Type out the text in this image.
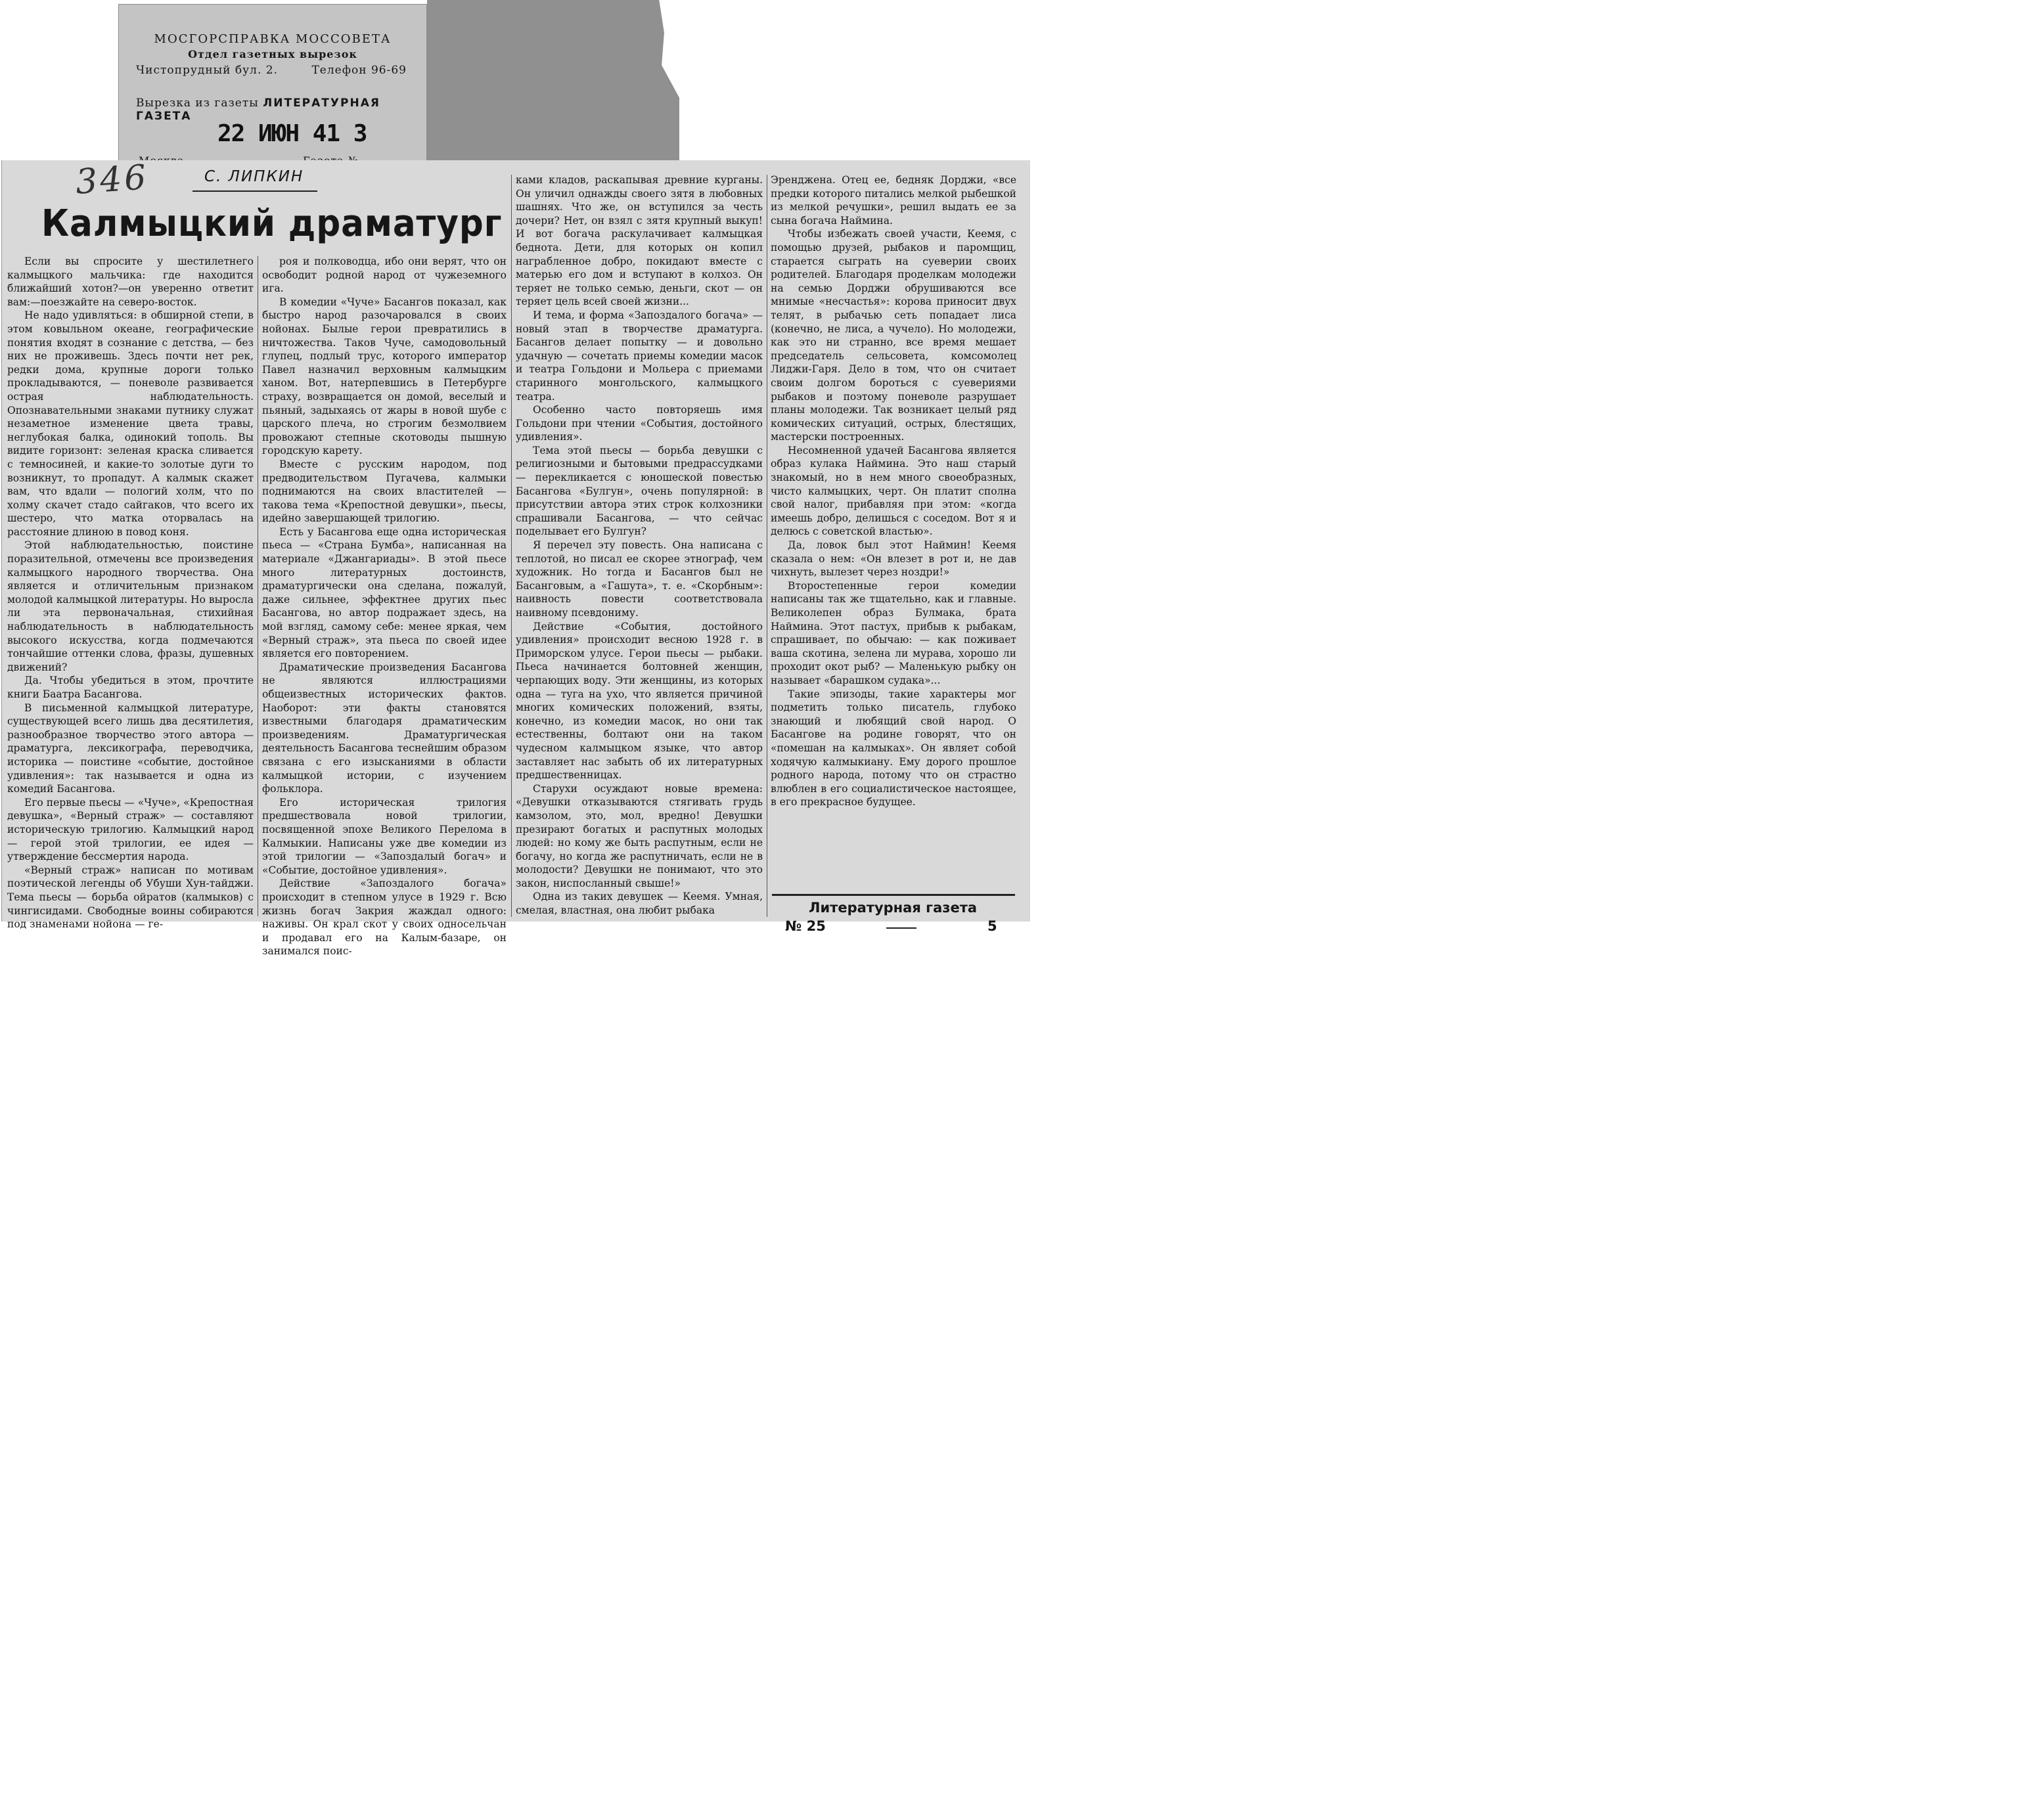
МОСГОРСПРАВКА МОССОВЕТА
Отдел газетных вырезок
Чистопрудный бул. 2.	Телефон 96-69
Вырезка из газеты ЛИТЕРАТУРНАЯ ГАЗЕТА
22 ИЮН 41 3
346	С. ЛИПКИН
Калмыцкий драматург

Если вы спросите у шестилетнего калмыцкого мальчика: где находится ближайший хотон?—он уверенно ответит вам:—поезжайте на северо-восток.

Не надо удивляться: в обширной степи, в этом ковыльном океане, географические понятия входят в сознание с детства, — без них не проживешь. Здесь почти нет рек, редки дома, крупные дороги только прокладываются, — поневоле развивается острая наблюдательность. Опознавательными знаками путнику служат незаметное изменение цвета травы, неглубокая балка, одинокий тополь. Вы видите горизонт: зеленая краска сливается с темносиней, и какие-то золотые дуги то возникнут, то пропадут. А калмык скажет вам, что вдали — пологий холм, что по холму скачет стадо сайгаков, что всего их шестеро, что матка оторвалась на расстояние длиною в повод коня.

Этой наблюдательностью, поистине поразительной, отмечены все произведения калмыцкого народного творчества. Она является и отличительным признаком молодой калмыцкой литературы. Но выросла ли эта первоначальная, стихийная наблюдательность в наблюдательность высокого искусства, когда подмечаются тончайшие оттенки слова, фразы, душевных движений?

Да. Чтобы убедиться в этом, прочтите книги Баатра Басангова.

В письменной калмыцкой литературе, существующей всего лишь два десятилетия, разнообразное творчество этого автора — драматурга, лексикографа, переводчика, историка — поистине «событие, достойное удивления»: так называется и одна из комедий Басангова.

Его первые пьесы — «Чуче», «Крепостная девушка», «Верный страж» — составляют историческую трилогию. Калмыцкий народ — герой этой трилогии, ее идея — утверждение бессмертия народа.

«Верный страж» написан по мотивам поэтической легенды об Убуши Хун-тайджи. Тема пьесы — борьба ойратов (калмыков) с чингисидами. Свободные воины собираются под знаменами нойона — ге-

роя и полководца, ибо они верят, что он освободит родной народ от чужеземного ига.

В комедии «Чуче» Басангов показал, как быстро народ разочаровался в своих нойонах. Былые герои превратились в ничтожества. Таков Чуче, самодовольный глупец, подлый трус, которого император Павел назначил верховным калмыцким ханом. Вот, натерпевшись в Петербурге страху, возвращается он домой, веселый и пьяный, задыхаясь от жары в новой шубе с царского плеча, но строгим безмолвием провожают степные скотоводы пышную городскую карету.

Вместе с русским народом, под предводительством Пугачева, калмыки поднимаются на своих властителей — такова тема «Крепостной девушки», пьесы, идейно завершающей трилогию.

Есть у Басангова еще одна историческая пьеса — «Страна Бумба», написанная на материале «Джангариады». В этой пьесе много литературных достоинств, драматургически она сделана, пожалуй, даже сильнее, эффектнее других пьес Басангова, но автор подражает здесь, на мой взгляд, самому себе: менее яркая, чем «Верный страж», эта пьеса по своей идее является его повторением.

Драматические произведения Басангова не являются иллюстрациями общеизвестных исторических фактов. Наоборот: эти факты становятся известными благодаря драматическим произведениям. Драматургическая деятельность Басангова теснейшим образом связана с его изысканиями в области калмыцкой истории, с изучением фольклора.

Его историческая трилогия предшествовала новой трилогии, посвященной эпохе Великого Перелома в Калмыкии. Написаны уже две комедии из этой трилогии — «Запоздалый богач» и «Событие, достойное удивления».

Действие «Запоздалого богача» происходит в степном улусе в 1929 г. Всю жизнь богач Закрия жаждал одного: наживы. Он крал скот у своих односельчан и продавал его на Калым-базаре, он занимался поис-

ками кладов, раскапывая древние курганы. Он уличил однажды своего зятя в любовных шашнях. Что же, он вступился за честь дочери? Нет, он взял с зятя крупный выкуп! И вот богача раскулачивает калмыцкая беднота. Дети, для которых он копил награбленное добро, покидают вместе с матерью его дом и вступают в колхоз. Он теряет не только семью, деньги, скот — он теряет цель всей своей жизни...

И тема, и форма «Запоздалого богача» — новый этап в творчестве драматурга. Басангов делает попытку — и довольно удачную — сочетать приемы комедии масок и театра Гольдони и Мольера с приемами старинного монгольского, калмыцкого театра.

Особенно часто повторяешь имя Гольдони при чтении «События, достойного удивления».

Тема этой пьесы — борьба девушки с религиозными и бытовыми предрассудками — перекликается с юношеской повестью Басангова «Булгун», очень популярной: в присутствии автора этих строк колхозники спрашивали Басангова, — что сейчас поделывает его Булгун?

Я перечел эту повесть. Она написана с теплотой, но писал ее скорее этнограф, чем художник. Но тогда и Басангов был не Басанговым, а «Гашута», т. е. «Скорбным»: наивность повести соответствовала наивному псевдониму.

Действие «События, достойного удивления» происходит весною 1928 г. в Приморском улусе. Герои пьесы — рыбаки. Пьеса начинается болтовней женщин, черпающих воду. Эти женщины, из которых одна — туга на ухо, что является причиной многих комических положений, взяты, конечно, из комедии масок, но они так естественны, болтают они на таком чудесном калмыцком языке, что автор заставляет нас забыть об их литературных предшественницах.

Старухи осуждают новые времена: «Девушки отказываются стягивать грудь камзолом, это, мол, вредно! Девушки презирают богатых и распутных молодых людей: но кому же быть распутным, если не богачу, но когда же распутничать, если не в молодости? Девушки не понимают, что это закон, ниспосланный свыше!»

Одна из таких девушек — Кеемя. Умная, смелая, властная, она любит рыбака

Эренджена. Отец ее, бедняк Дорджи, «все предки которого питались мелкой рыбешкой из мелкой речушки», решил выдать ее за сына богача Наймина.

Чтобы избежать своей участи, Кеемя, с помощью друзей, рыбаков и паромщиц, старается сыграть на суеверии своих родителей. Благодаря проделкам молодежи на семью Дорджи обрушиваются все мнимые «несчастья»: корова приносит двух телят, в рыбачью сеть попадает лиса (конечно, не лиса, а чучело). Но молодежи, как это ни странно, все время мешает председатель сельсовета, комсомолец Лиджи-Гаря. Дело в том, что он считает своим долгом бороться с суевериями рыбаков и поэтому поневоле разрушает планы молодежи. Так возникает целый ряд комических ситуаций, острых, блестящих, мастерски построенных.

Несомненной удачей Басангова является образ кулака Наймина. Это наш старый знакомый, но в нем много своеобразных, чисто калмыцких, черт. Он платит сполна свой налог, прибавляя при этом: «когда имеешь добро, делишься с соседом. Вот я и делюсь с советской властью».

Да, ловок был этот Наймин! Кеемя сказала о нем: «Он влезет в рот и, не дав чихнуть, вылезет через ноздри!»

Второстепенные герои комедии написаны так же тщательно, как и главные. Великолепен образ Булмака, брата Наймина. Этот пастух, прибыв к рыбакам, спрашивает, по обычаю: — как поживает ваша скотина, зелена ли мурава, хорошо ли проходит окот рыб? — Маленькую рыбку он называет «барашком судака»...

Такие эпизоды, такие характеры мог подметить только писатель, глубоко знающий и любящий свой народ. О Басангове на родине говорят, что он «помешан на калмыках». Он являет собой ходячую калмыкиану. Ему дорого прошлое родного народа, потому что он страстно влюблен в его социалистическое настоящее, в его прекрасное будущее.

Литературная газета
№ 25	5
